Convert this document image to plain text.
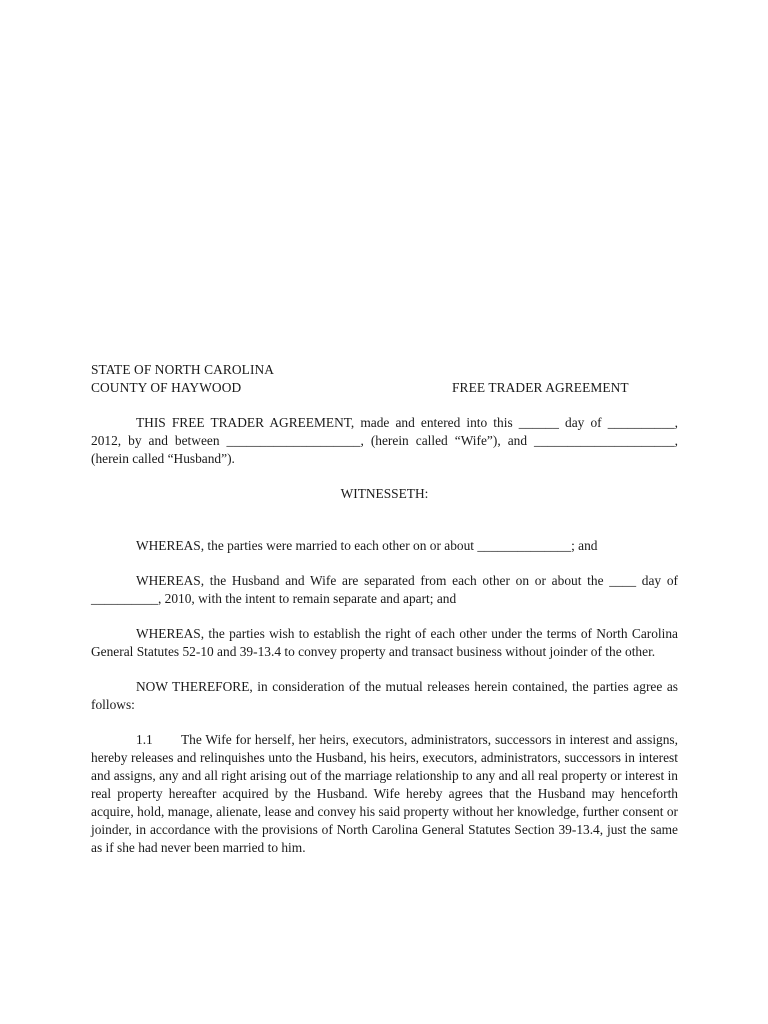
STATE OF NORTH CAROLINA
COUNTY OF HAYWOOD	FREE TRADER AGREEMENT

THIS FREE TRADER AGREEMENT, made and entered into this ______ day of __________, 2012, by and between ____________________, (herein called “Wife”), and _____________________, (herein called “Husband”).

WITNESSETH:

WHEREAS, the parties were married to each other on or about ______________; and

WHEREAS, the Husband and Wife are separated from each other on or about the ____ day of __________, 2010, with the intent to remain separate and apart; and

WHEREAS, the parties wish to establish the right of each other under the terms of North Carolina General Statutes 52-10 and 39-13.4 to convey property and transact business without joinder of the other.

NOW THEREFORE, in consideration of the mutual releases herein contained, the parties agree as follows:

1.1 The Wife for herself, her heirs, executors, administrators, successors in interest and assigns, hereby releases and relinquishes unto the Husband, his heirs, executors, administrators, successors in interest and assigns, any and all right arising out of the marriage relationship to any and all real property or interest in real property hereafter acquired by the Husband. Wife hereby agrees that the Husband may henceforth acquire, hold, manage, alienate, lease and convey his said property without her knowledge, further consent or joinder, in accordance with the provisions of North Carolina General Statutes Section 39-13.4, just the same as if she had never been married to him.
